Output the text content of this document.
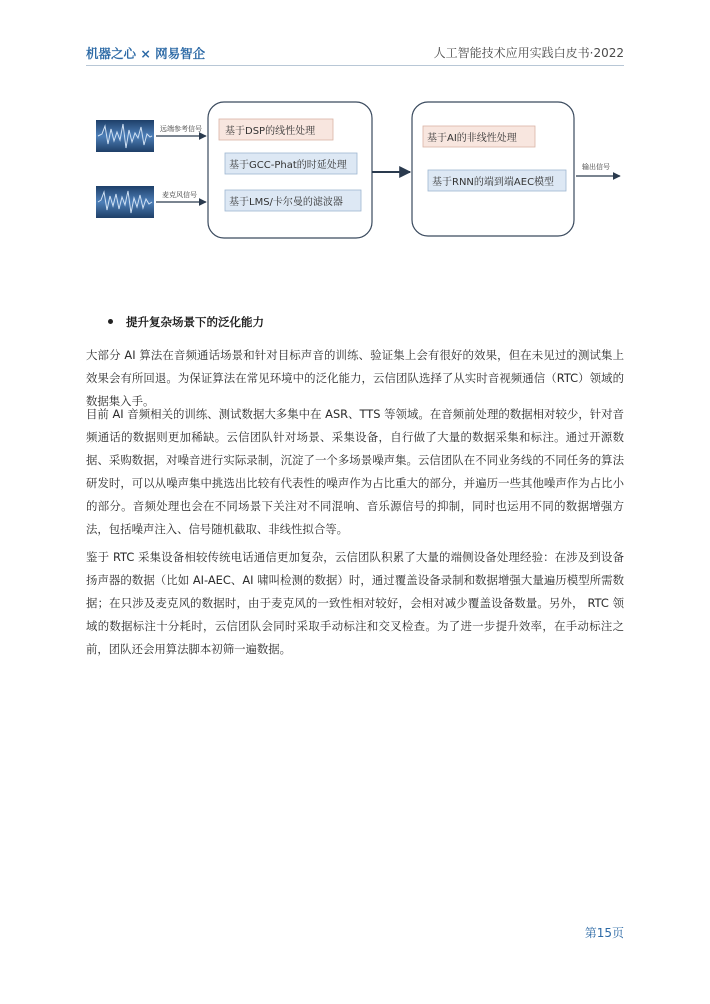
机器之心 × 网易智企	人工智能技术应用实践白皮书·2022
远端参考信号
麦克风信号
基于DSP的线性处理
基于GCC-Phat的时延处理
基于LMS/卡尔曼的滤波器
基于AI的非线性处理
基于RNN的端到端AEC模型
输出信号
提升复杂场景下的泛化能力

大部分 AI 算法在音频通话场景和针对目标声音的训练、验证集上会有很好的效果，但在未见过的测试集上效果会有所回退。为保证算法在常见环境中的泛化能力，云信团队选择了从实时音视频通信（RTC）领域的数据集入手。

目前 AI 音频相关的训练、测试数据大多集中在 ASR、TTS 等领域。在音频前处理的数据相对较少，针对音频通话的数据则更加稀缺。云信团队针对场景、采集设备，自行做了大量的数据采集和标注。通过开源数据、采购数据，对噪音进行实际录制，沉淀了一个多场景噪声集。云信团队在不同业务线的不同任务的算法研发时，可以从噪声集中挑选出比较有代表性的噪声作为占比重大的部分，并遍历一些其他噪声作为占比小的部分。音频处理也会在不同场景下关注对不同混响、音乐源信号的抑制，同时也运用不同的数据增强方法，包括噪声注入、信号随机截取、非线性拟合等。

鉴于 RTC 采集设备相较传统电话通信更加复杂，云信团队积累了大量的端侧设备处理经验：在涉及到设备扬声器的数据（比如 AI-AEC、AI 啸叫检测的数据）时，通过覆盖设备录制和数据增强大量遍历模型所需数据；在只涉及麦克风的数据时，由于麦克风的一致性相对较好，会相对减少覆盖设备数量。另外， RTC 领域的数据标注十分耗时，云信团队会同时采取手动标注和交叉检查。为了进一步提升效率，在手动标注之前，团队还会用算法脚本初筛一遍数据。

第15页
